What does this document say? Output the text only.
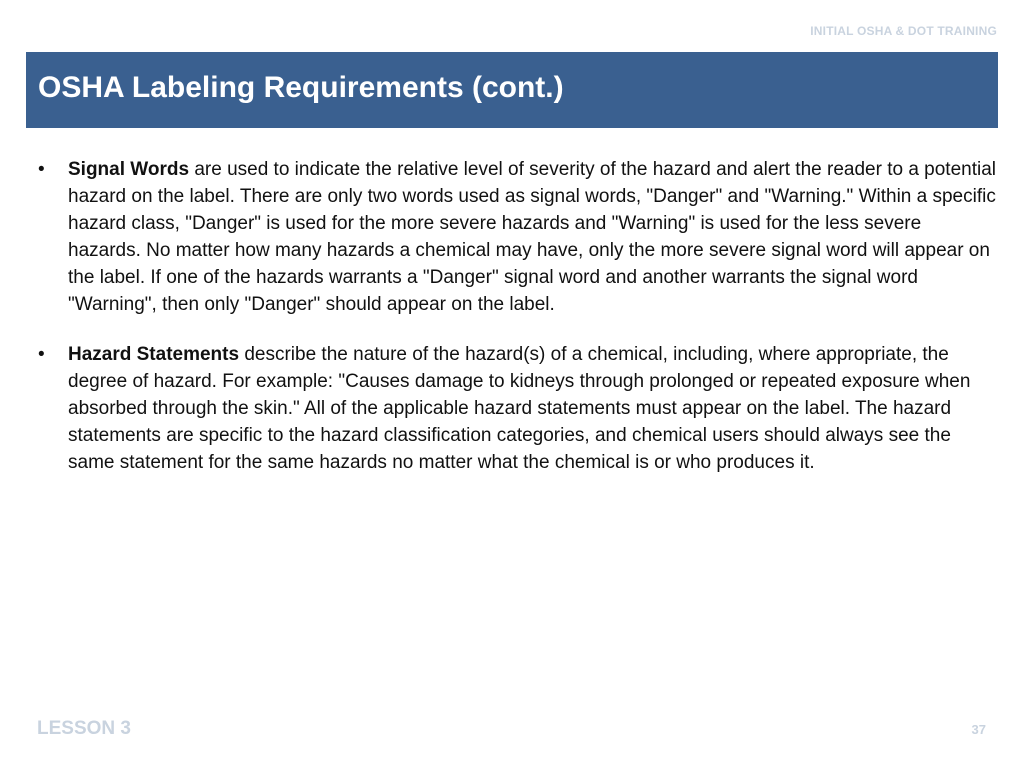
INITIAL OSHA & DOT TRAINING
OSHA Labeling Requirements (cont.)
• Signal Words are used to indicate the relative level of severity of the hazard and alert the reader to a potential hazard on the label. There are only two words used as signal words, "Danger" and "Warning." Within a specific hazard class, "Danger" is used for the more severe hazards and "Warning" is used for the less severe hazards. No matter how many hazards a chemical may have, only the more severe signal word will appear on the label. If one of the hazards warrants a "Danger" signal word and another warrants the signal word "Warning", then only "Danger" should appear on the label.
• Hazard Statements describe the nature of the hazard(s) of a chemical, including, where appropriate, the degree of hazard. For example: "Causes damage to kidneys through prolonged or repeated exposure when absorbed through the skin." All of the applicable hazard statements must appear on the label. The hazard statements are specific to the hazard classification categories, and chemical users should always see the same statement for the same hazards no matter what the chemical is or who produces it.
LESSON 3	37
